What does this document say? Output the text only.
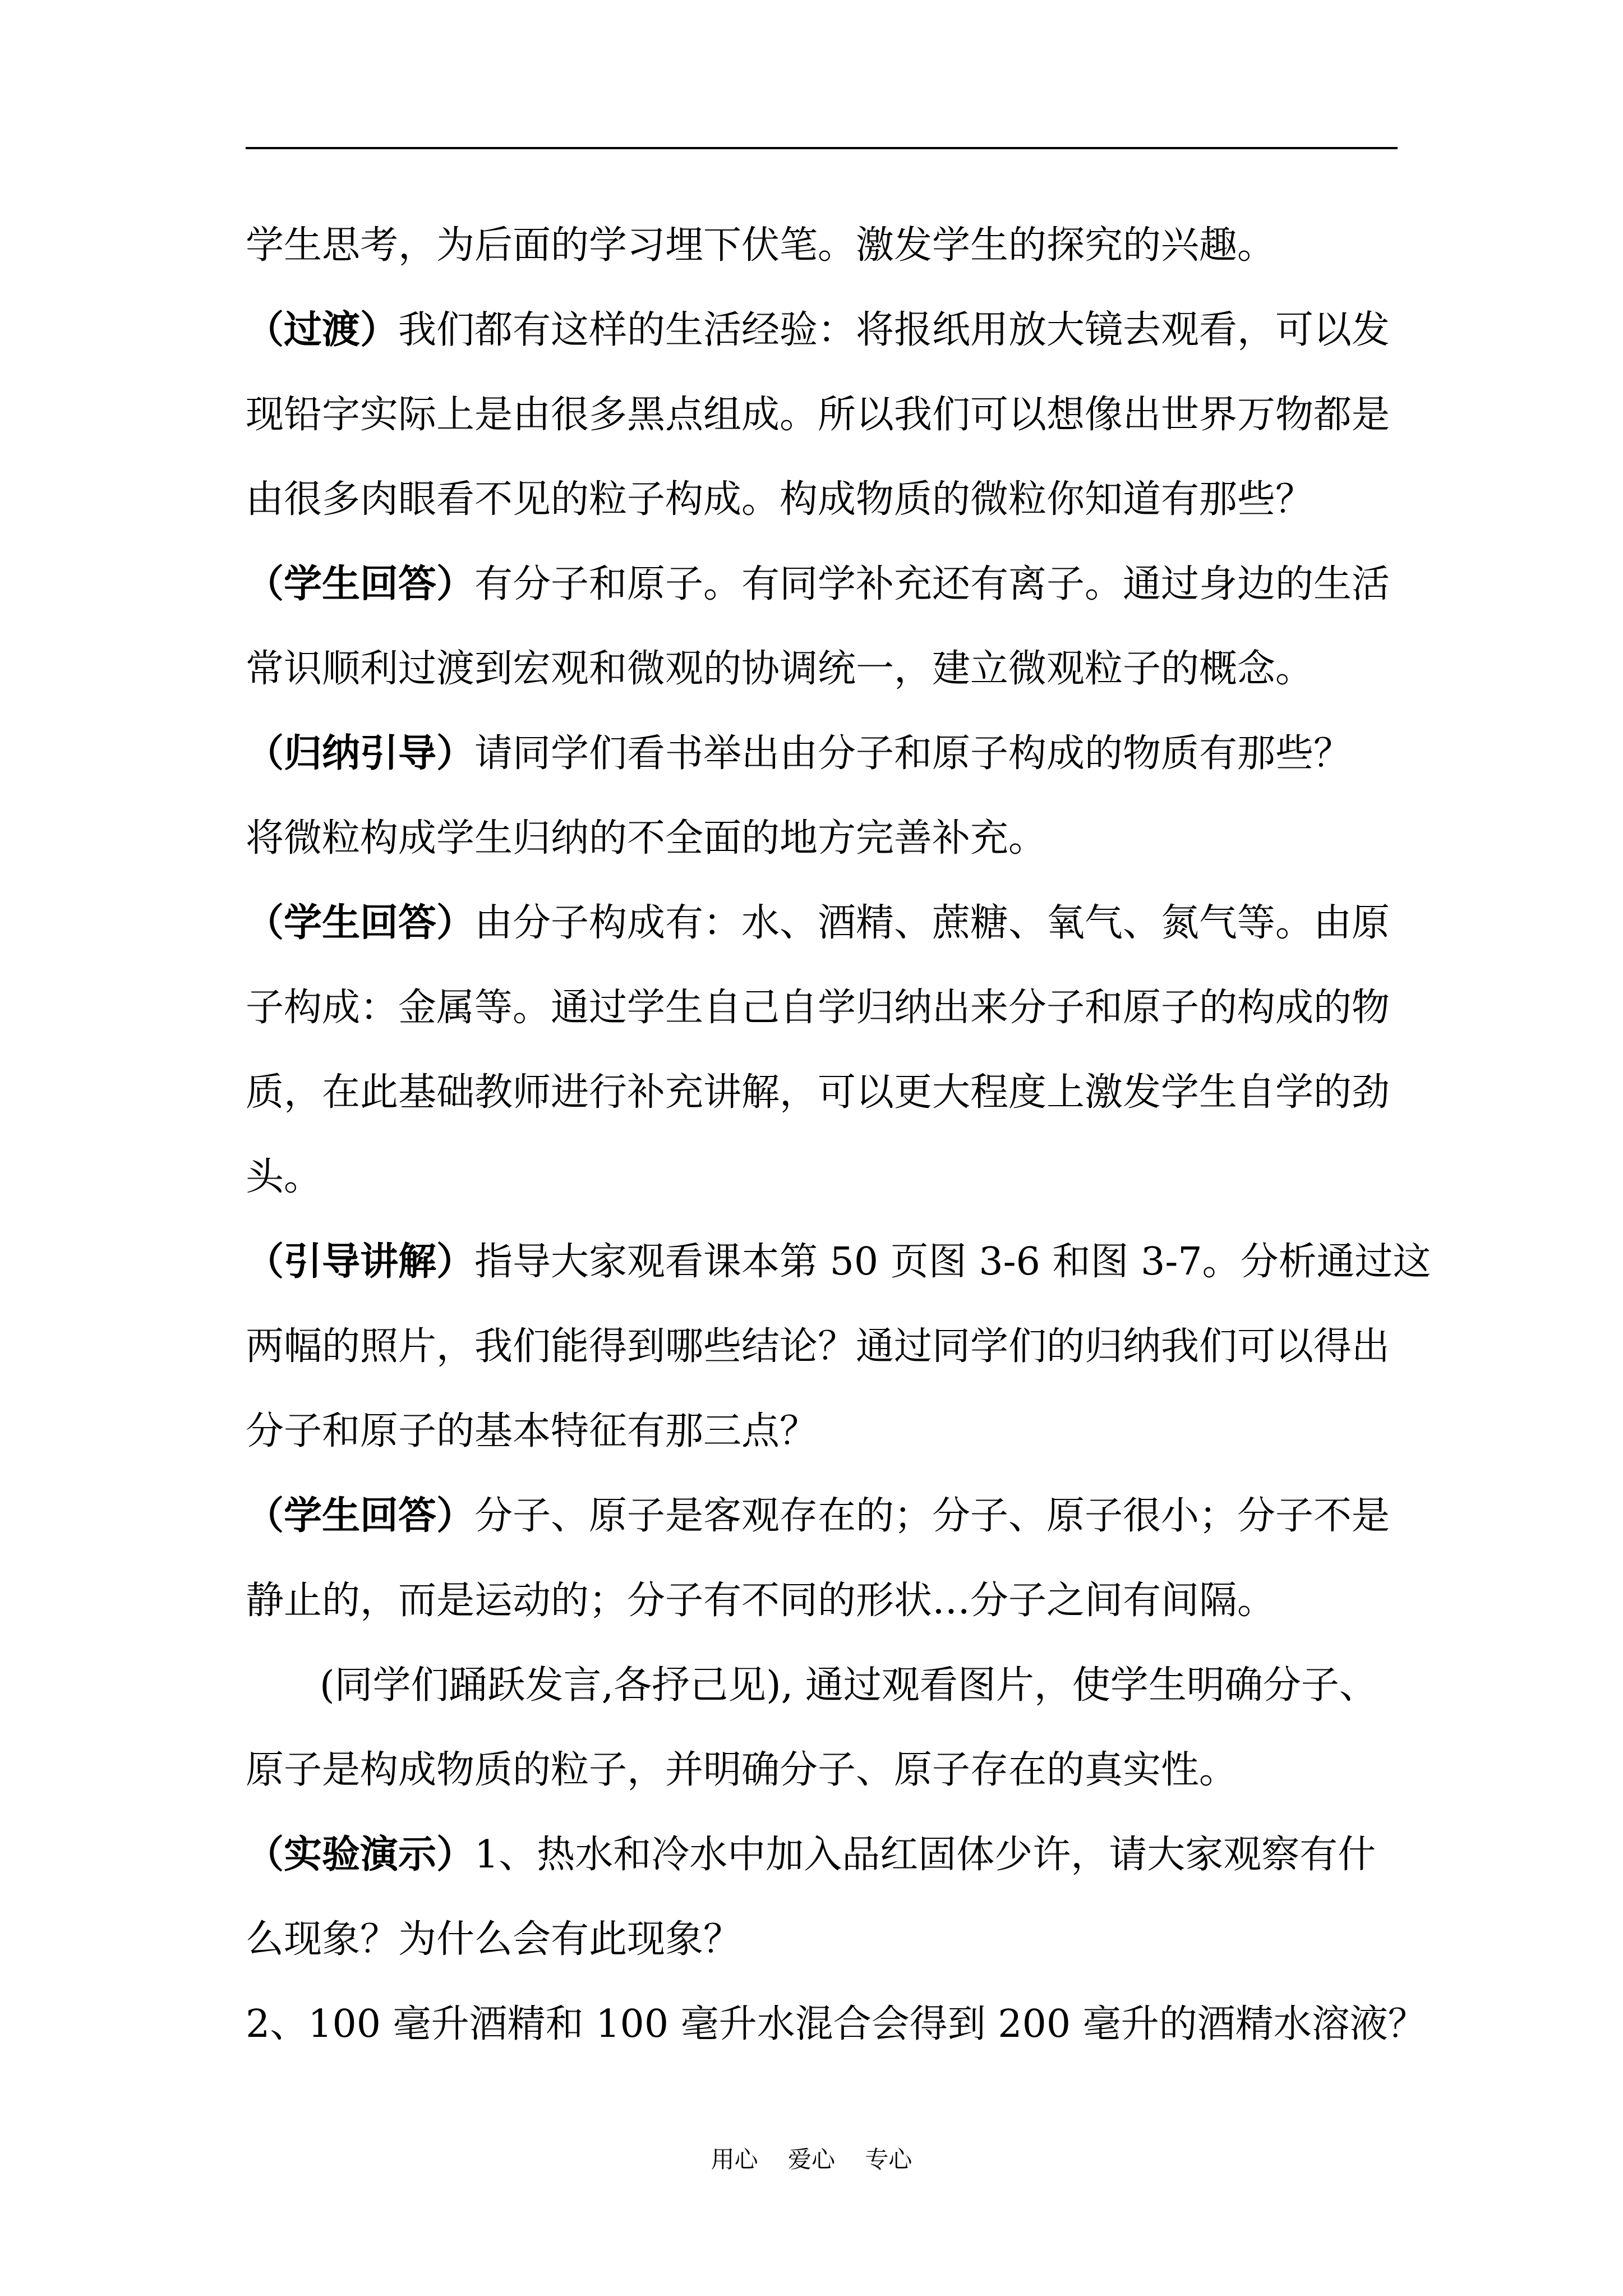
学生思考，为后面的学习埋下伏笔。激发学生的探究的兴趣。
（过渡）我们都有这样的生活经验：将报纸用放大镜去观看，可以发
现铅字实际上是由很多黑点组成。所以我们可以想像出世界万物都是
由很多肉眼看不见的粒子构成。构成物质的微粒你知道有那些？
（学生回答）有分子和原子。有同学补充还有离子。通过身边的生活
常识顺利过渡到宏观和微观的协调统一，建立微观粒子的概念。
（归纳引导）请同学们看书举出由分子和原子构成的物质有那些？
将微粒构成学生归纳的不全面的地方完善补充。
（学生回答）由分子构成有：水、酒精、蔗糖、氧气、氮气等。由原
子构成：金属等。通过学生自己自学归纳出来分子和原子的构成的物
质，在此基础教师进行补充讲解，可以更大程度上激发学生自学的劲
头。
（引导讲解）指导大家观看课本第 50 页图 3-6 和图 3-7。分析通过这
两幅的照片，我们能得到哪些结论？通过同学们的归纳我们可以得出
分子和原子的基本特征有那三点？
（学生回答）分子、原子是客观存在的；分子、原子很小；分子不是
静止的，而是运动的；分子有不同的形状…分子之间有间隔。
(同学们踊跃发言,各抒己见), 通过观看图片，使学生明确分子、
原子是构成物质的粒子，并明确分子、原子存在的真实性。
（实验演示）1、热水和冷水中加入品红固体少许，请大家观察有什
么现象？为什么会有此现象？
2、100 毫升酒精和 100 毫升水混合会得到 200 毫升的酒精水溶液？
用心    爱心    专心
